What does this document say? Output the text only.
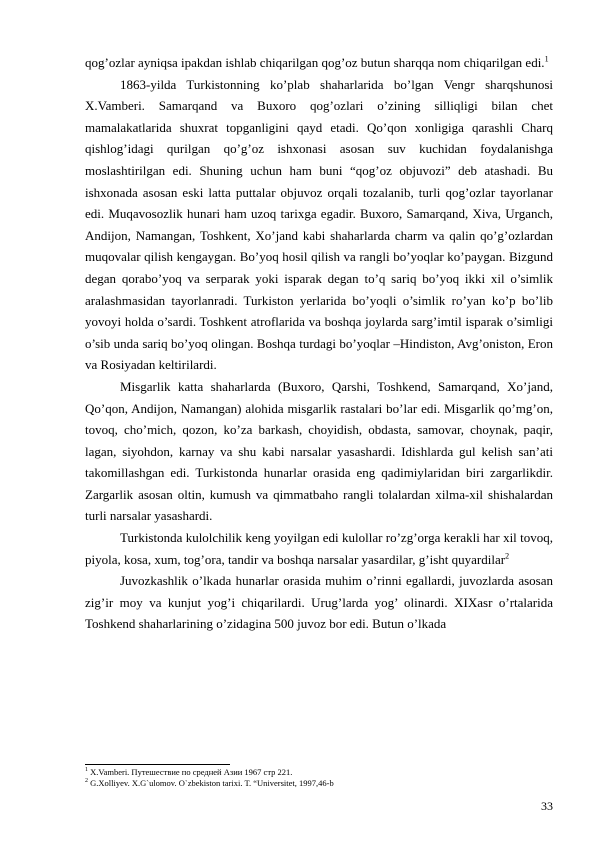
qog’ozlar ayniqsa ipakdan ishlab chiqarilgan qog’oz butun sharqqa nom chiqarilgan edi.$^1$

1863-yilda Turkistonning ko’plab shaharlarida bo’lgan Vengr sharqshunosi X.Vamberi. Samarqand va Buxoro qog’ozlari o’zining silliqligi bilan chet mamalakatlarida shuxrat topganligini qayd etadi. Qo’qon xonligiga qarashli Charq qishlog’idagi qurilgan qo’g’oz ishxonasi asosan suv kuchidan foydalanishga moslashtirilgan edi. Shuning uchun ham buni “qog’oz objuvozi” deb atashadi. Bu ishxonada asosan eski latta puttalar objuvoz orqali tozalanib, turli qog’ozlar tayorlanar edi. Muqavosozlik hunari ham uzoq tarixga egadir. Buxoro, Samarqand, Xiva, Urganch, Andijon, Namangan, Toshkent, Xo’jand kabi shaharlarda charm va qalin qo’g’ozlardan muqovalar qilish kengaygan. Bo’yoq hosil qilish va rangli bo’yoqlar ko’paygan. Bizgund degan qorabo’yoq va serparak yoki isparak degan to’q sariq bo’yoq ikki xil o’simlik aralashmasidan tayorlanradi. Turkiston yerlarida bo’yoqli o’simlik ro’yan ko’p bo’lib yovoyi holda o’sardi. Toshkent atroflarida va boshqa joylarda sarg’imtil isparak o’simligi o’sib unda sariq bo’yoq olingan. Boshqa turdagi bo’yoqlar –Hindiston, Avg’oniston, Eron va Rosiyadan keltirilardi.

Misgarlik katta shaharlarda (Buxoro, Qarshi, Toshkend, Samarqand, Xo’jand, Qo’qon, Andijon, Namangan) alohida misgarlik rastalari bo’lar edi. Misgarlik qo’mg’on, tovoq, cho’mich, qozon, ko’za barkash, choyidish, obdasta, samovar, choynak, paqir, lagan, siyohdon, karnay va shu kabi narsalar yasashardi. Idishlarda gul kelish san’ati takomillashgan edi. Turkistonda hunarlar orasida eng qadimiylaridan biri zargarlikdir. Zargarlik asosan oltin, kumush va qimmatbaho rangli tolalardan xilma-xil shishalardan turli narsalar yasashardi.

Turkistonda kulolchilik keng yoyilgan edi kulollar ro’zg’orga kerakli har xil tovoq, piyola, kosa, xum, tog’ora, tandir va boshqa narsalar yasardilar, g’isht quyardilar$^2$

Juvozkashlik o’lkada hunarlar orasida muhim o’rinni egallardi, juvozlarda asosan zig’ir moy va kunjut yog’i chiqarilardi. Urug’larda yog’ olinardi. XIXasr o’rtalarida Toshkend shaharlarining o’zidagina 500 juvoz bor edi. Butun o’lkada

$^1$ X.Vamberi. Путешествие по средней Азии 1967 стр 221.
$^2$ G.Xolliyev. X.G`ulomov. O`zbekiston tarixi. T. “Universitet, 1997,46-b
33
